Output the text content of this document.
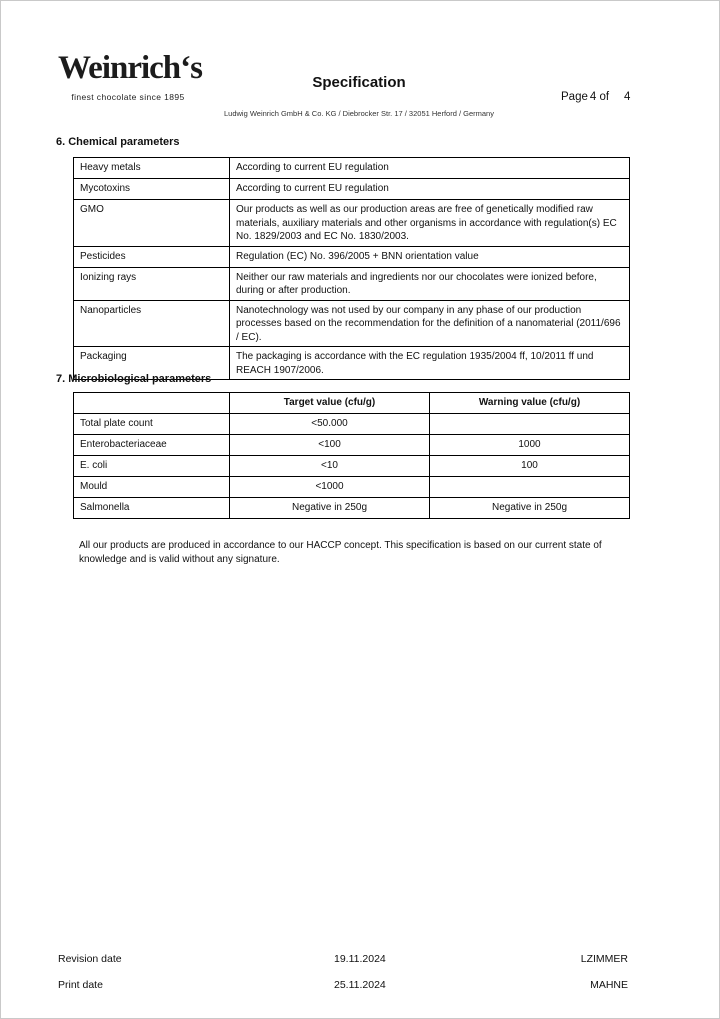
Weinrich‘s
finest chocolate since 1895
Specification
Ludwig Weinrich GmbH & Co. KG / Diebrocker Str. 17 / 32051 Herford / Germany
Page 4 of 4
6. Chemical parameters
Heavy metals	According to current EU regulation
Mycotoxins	According to current EU regulation
GMO	Our products as well as our production areas are free of genetically modified raw materials, auxiliary materials and other organisms in accordance with regulation(s) EC No. 1829/2003 and EC No. 1830/2003.
Pesticides	Regulation (EC) No. 396/2005 + BNN orientation value
Ionizing rays	Neither our raw materials and ingredients nor our chocolates were ionized before, during or after production.
Nanoparticles	Nanotechnology was not used by our company in any phase of our production processes based on the recommendation for the definition of a nanomaterial (2011/696 / EC).
Packaging	The packaging is accordance with the EC regulation 1935/2004 ff, 10/2011 ff und REACH 1907/2006.
7. Microbiological parameters
	Target value (cfu/g)	Warning value (cfu/g)
Total plate count	<50.000	
Enterobacteriaceae	<100	1000
E. coli	<10	100
Mould	<1000	
Salmonella	Negative in 250g	Negative in 250g
All our products are produced in accordance to our HACCP concept. This specification is based on our current state of knowledge and is valid without any signature.
Revision date	19.11.2024	LZIMMER
Print date	25.11.2024	MAHNE
